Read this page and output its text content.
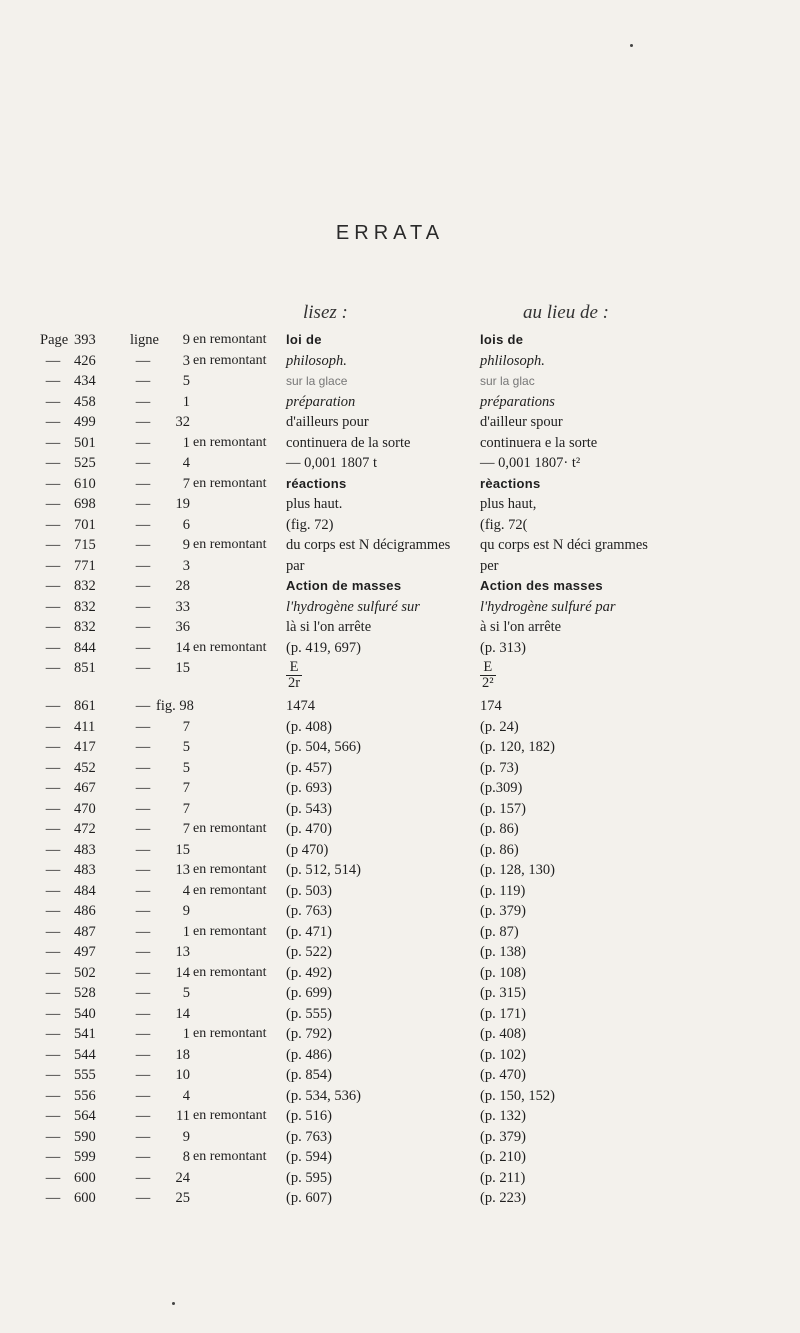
ERRATA
lisez :	au lieu de :
Page 393	ligne 9 en remontant	loi de	lois de
— 426	— 3 en remontant	philosoph.	phlilosoph.
— 434	— 5	sur la glace	sur la glac
— 458	— 1	préparation	préparations
— 499	— 32	d'ailleurs pour	d'ailleur spour
— 501	— 1 en remontant	continuera de la sorte	continuera e la sorte
— 525	— 4	— 0,001 1807 t	— 0,001 1807· t²
— 610	— 7 en remontant	réactions	rèactions
— 698	— 19	plus haut.	plus haut,
— 701	— 6	(fig. 72)	(fig. 72(
— 715	— 9 en remontant	du corps est N décigrammes	qu corps est N déci grammes
— 771	— 3	par	per
— 832	— 28	Action de masses	Action des masses
— 832	— 33	l'hydrogène sulfuré sur	l'hydrogène sulfuré par
— 832	— 36	là si l'on arrête	à si l'on arrête
— 844	— 14 en remontant	(p. 419, 697)	(p. 313)
— 851	— 15	$\frac{E}{2r}$	$\frac{E}{\text{2²}}$
— 861	— fig. 98	1474	174
— 411	— 7	(p. 408)	(p. 24)
— 417	— 5	(p. 504, 566)	(p. 120, 182)
— 452	— 5	(p. 457)	(p. 73)
— 467	— 7	(p. 693)	(p.309)
— 470	— 7	(p. 543)	(p. 157)
— 472	— 7 en remontant	(p. 470)	(p. 86)
— 483	— 15	(p 470)	(p. 86)
— 483	— 13 en remontant	(p. 512, 514)	(p. 128, 130)
— 484	— 4 en remontant	(p. 503)	(p. 119)
— 486	— 9	(p. 763)	(p. 379)
— 487	— 1 en remontant	(p. 471)	(p. 87)
— 497	— 13	(p. 522)	(p. 138)
— 502	— 14 en remontant	(p. 492)	(p. 108)
— 528	— 5	(p. 699)	(p. 315)
— 540	— 14	(p. 555)	(p. 171)
— 541	— 1 en remontant	(p. 792)	(p. 408)
— 544	— 18	(p. 486)	(p. 102)
— 555	— 10	(p. 854)	(p. 470)
— 556	— 4	(p. 534, 536)	(p. 150, 152)
— 564	— 11 en remontant	(p. 516)	(p. 132)
— 590	— 9	(p. 763)	(p. 379)
— 599	— 8 en remontant	(p. 594)	(p. 210)
— 600	— 24	(p. 595)	(p. 211)
— 600	— 25	(p. 607)	(p. 223)
